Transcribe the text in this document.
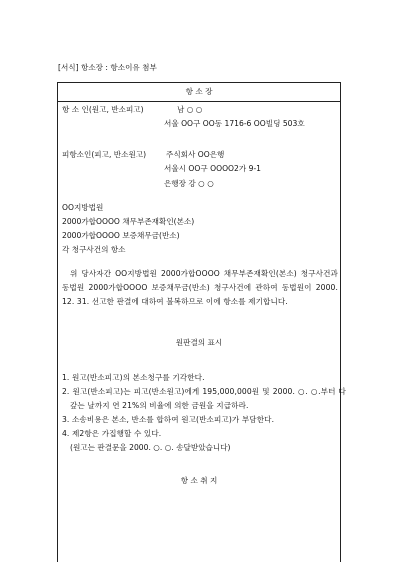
[서식] 항소장 : 항소이유 첨부
항 소 장
항 소 인(원고, 반소피고)	남 ○ ○
서울 OO구 OO동 1716-6 OO빌딩 503호
피항소인(피고, 반소원고)	주식회사 OO은행
서울시 OO구 OOOO2가 9-1
은행장 강 ○ ○
OO지방법원
2000가합OOOO 채무부존재확인(본소)
2000가합OOOO 보증채무금(반소)
각 청구사건의 항소
위 당사자간 OO지방법원 2000가합OOOO 채무부존재확인(본소) 청구사건과 동법원 2000가합OOOO 보증채무금(반소) 청구사건에 관하여 동법원이 2000. 12. 31. 선고한 판결에 대하여 불복하므로 이에 항소를 제기합니다.
원판결의 표시
1. 원고(반소피고)의 본소청구를 기각한다.
2. 원고(반소피고)는 피고(반소원고)에게 195,000,000원 및 2000. ○. ○.부터 다 갚는 날까지 연 21%의 비율에 의한 금원을 지급하라.
3. 소송비용은 본소, 반소를 합하여 원고(반소피고)가 부담한다.
4. 제2항은 가집행할 수 있다.
(원고는 판결문을 2000. ○. ○. 송달받았습니다)
항 소 취 지
